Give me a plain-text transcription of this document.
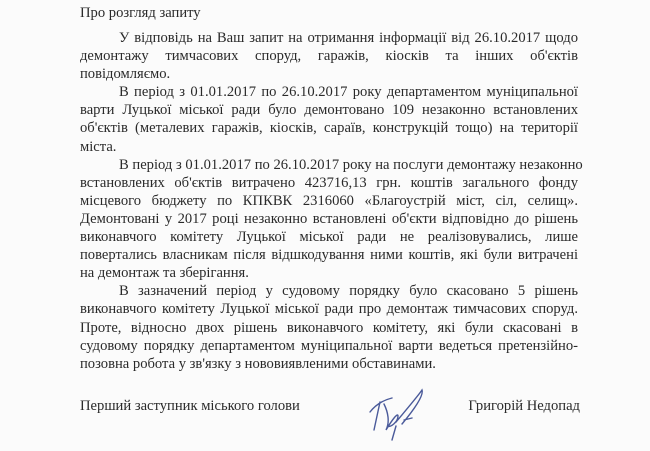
Про розгляд запиту
У відповідь на Ваш запит на отримання інформації від 26.10.2017 щодо
демонтажу тимчасових споруд, гаражів, кіосків та інших об'єктів
повідомляємо.
В період з 01.01.2017 по 26.10.2017 року департаментом муніципальної
варти Луцької міської ради було демонтовано 109 незаконно встановлених
об'єктів (металевих гаражів, кіосків, сараїв, конструкцій тощо) на території
міста.
В період з 01.01.2017 по 26.10.2017 року на послуги демонтажу незаконно
встановлених об'єктів витрачено 423716,13 грн. коштів загального фонду
місцевого бюджету по КПКВК 2316060 «Благоустрій міст, сіл, селищ».
Демонтовані у 2017 році незаконно встановлені об'єкти відповідно до рішень
виконавчого комітету Луцької міської ради не реалізовувались, лише
повертались власникам після відшкодування ними коштів, які були витрачені
на демонтаж та зберігання.
В зазначений період у судовому порядку було скасовано 5 рішень
виконавчого комітету Луцької міської ради про демонтаж тимчасових споруд.
Проте, відносно двох рішень виконавчого комітету, які були скасовані в
судовому порядку департаментом муніципальної варти ведеться претензійно-
позовна робота у зв'язку з нововиявленими обставинами.
Перший заступник міського голови	Григорій Недопад
